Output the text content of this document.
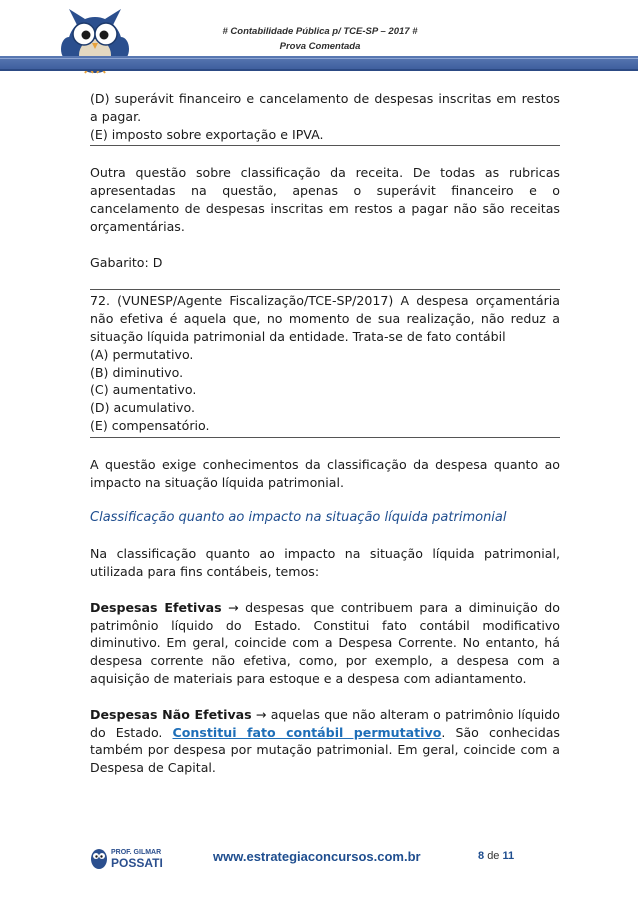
# Contabilidade Pública p/ TCE-SP – 2017 #
Prova Comentada

(D) superávit financeiro e cancelamento de despesas inscritas em restos a pagar.

(E) imposto sobre exportação e IPVA.

Outra questão sobre classificação da receita. De todas as rubricas apresentadas na questão, apenas o superávit financeiro e o cancelamento de despesas inscritas em restos a pagar não são receitas orçamentárias.

Gabarito: D

72. (VUNESP/Agente Fiscalização/TCE-SP/2017) A despesa orçamentária não efetiva é aquela que, no momento de sua realização, não reduz a situação líquida patrimonial da entidade. Trata-se de fato contábil

(A) permutativo.

(B) diminutivo.

(C) aumentativo.

(D) acumulativo.

(E) compensatório.

A questão exige conhecimentos da classificação da despesa quanto ao impacto na situação líquida patrimonial.

Classificação quanto ao impacto na situação líquida patrimonial

Na classificação quanto ao impacto na situação líquida patrimonial, utilizada para fins contábeis, temos:

Despesas Efetivas → despesas que contribuem para a diminuição do patrimônio líquido do Estado. Constitui fato contábil modificativo diminutivo. Em geral, coincide com a Despesa Corrente. No entanto, há despesa corrente não efetiva, como, por exemplo, a despesa com a aquisição de materiais para estoque e a despesa com adiantamento.

Despesas Não Efetivas → aquelas que não alteram o patrimônio líquido do Estado. Constitui fato contábil permutativo. São conhecidas também por despesa por mutação patrimonial. Em geral, coincide com a Despesa de Capital.

PROF. GILMAR
POSSATI	www.estrategiaconcursos.com.br	8 de 11
